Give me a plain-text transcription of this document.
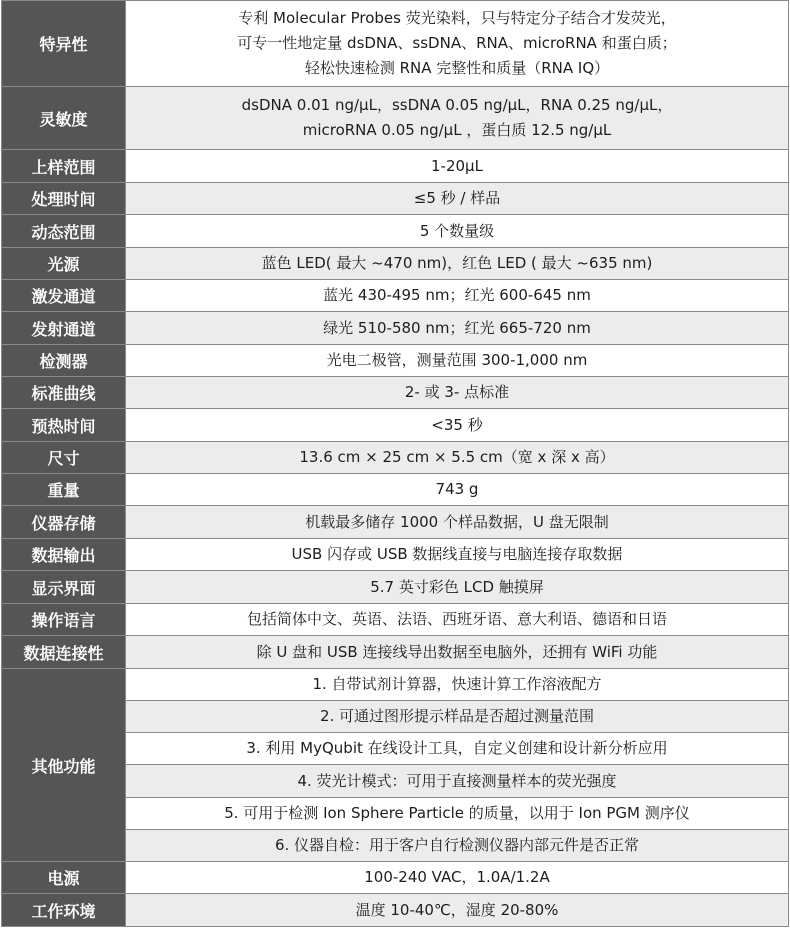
特异性	专利 Molecular Probes 荧光染料，只与特定分子结合才发荧光，
可专一性地定量 dsDNA、ssDNA、RNA、microRNA 和蛋白质；
轻松快速检测 RNA 完整性和质量（RNA IQ）

灵敏度	dsDNA 0.01 ng/μL，ssDNA 0.05 ng/μL，RNA 0.25 ng/μL，
microRNA 0.05 ng/μL ，蛋白质 12.5 ng/μL

上样范围	1-20μL

处理时间	≤5 秒 / 样品

动态范围	5 个数量级

光源	蓝色 LED( 最大 ~470 nm)，红色 LED ( 最大 ~635 nm)

激发通道	蓝光 430-495 nm；红光 600-645 nm

发射通道	绿光 510-580 nm；红光 665-720 nm

检测器	光电二极管，测量范围 300-1,000 nm

标准曲线	2- 或 3- 点标准

预热时间	<35 秒

尺寸	13.6 cm × 25 cm × 5.5 cm（宽 x 深 x 高）

重量	743 g

仪器存储	机载最多储存 1000 个样品数据，U 盘无限制

数据输出	USB 闪存或 USB 数据线直接与电脑连接存取数据

显示界面	5.7 英寸彩色 LCD 触摸屏

操作语言	包括简体中文、英语、法语、西班牙语、意大利语、德语和日语

数据连接性	除 U 盘和 USB 连接线导出数据至电脑外，还拥有 WiFi 功能

其他功能	1. 自带试剂计算器，快速计算工作溶液配方
	2. 可通过图形提示样品是否超过测量范围
	3. 利用 MyQubit 在线设计工具，自定义创建和设计新分析应用
	4. 荧光计模式：可用于直接测量样本的荧光强度
	5. 可用于检测 Ion Sphere Particle 的质量，以用于 Ion PGM 测序仪
	6. 仪器自检：用于客户自行检测仪器内部元件是否正常
电源	100-240 VAC，1.0A/1.2A

工作环境	温度 10-40℃，湿度 20-80%
